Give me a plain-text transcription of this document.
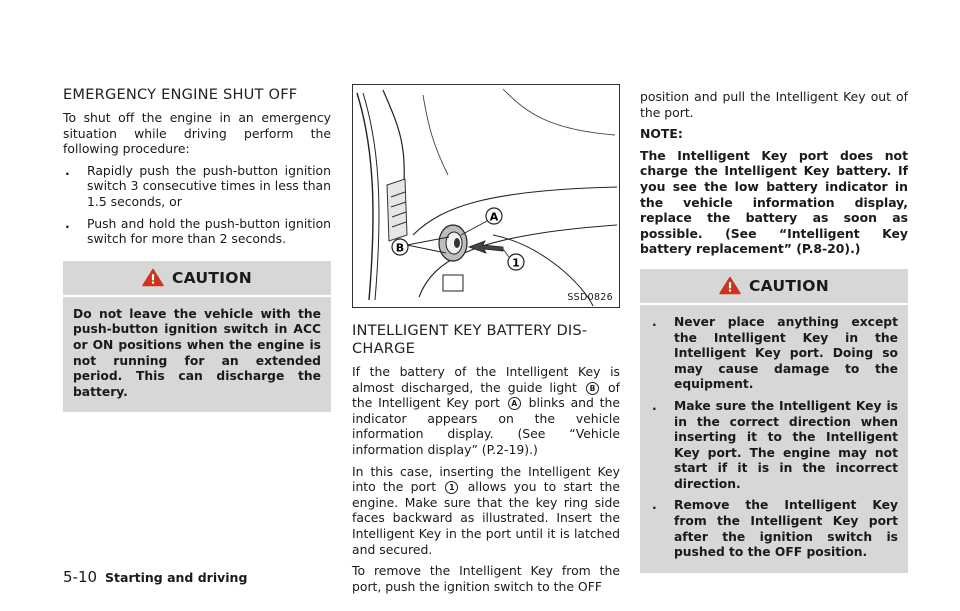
EMERGENCY ENGINE SHUT OFF

To shut off the engine in an emergency situation while driving perform the following procedure:

. Rapidly push the push-button ignition switch 3 consecutive times in less than 1.5 seconds, or
. Push and hold the push-button ignition switch for more than 2 seconds.
CAUTION
Do not leave the vehicle with the push-button ignition switch in ACC or ON positions when the engine is not running for an extended period. This can discharge the battery.
B
A
1
SSD0826
INTELLIGENT KEY BATTERY DIS-CHARGE

If the battery of the Intelligent Key is almost discharged, the guide light B of the Intelligent Key port A blinks and the indicator appears on the vehicle information display. (See “Vehicle information display” (P.2-19).)

In this case, inserting the Intelligent Key into the port 1 allows you to start the engine. Make sure that the key ring side faces backward as illustrated. Insert the Intelligent Key in the port until it is latched and secured.

To remove the Intelligent Key from the port, push the ignition switch to the OFF

position and pull the Intelligent Key out of the port.

NOTE:

The Intelligent Key port does not charge the Intelligent Key battery. If you see the low battery indicator in the vehicle information display, replace the battery as soon as possible. (See “Intelligent Key battery replacement” (P.8-20).)

CAUTION
. Never place anything except the Intelligent Key in the Intelligent Key port. Doing so may cause damage to the equipment.
. Make sure the Intelligent Key is in the correct direction when inserting it to the Intelligent Key port. The engine may not start if it is in the incorrect direction.
. Remove the Intelligent Key from the Intelligent Key port after the ignition switch is pushed to the OFF position.
5-10 Starting and driving
